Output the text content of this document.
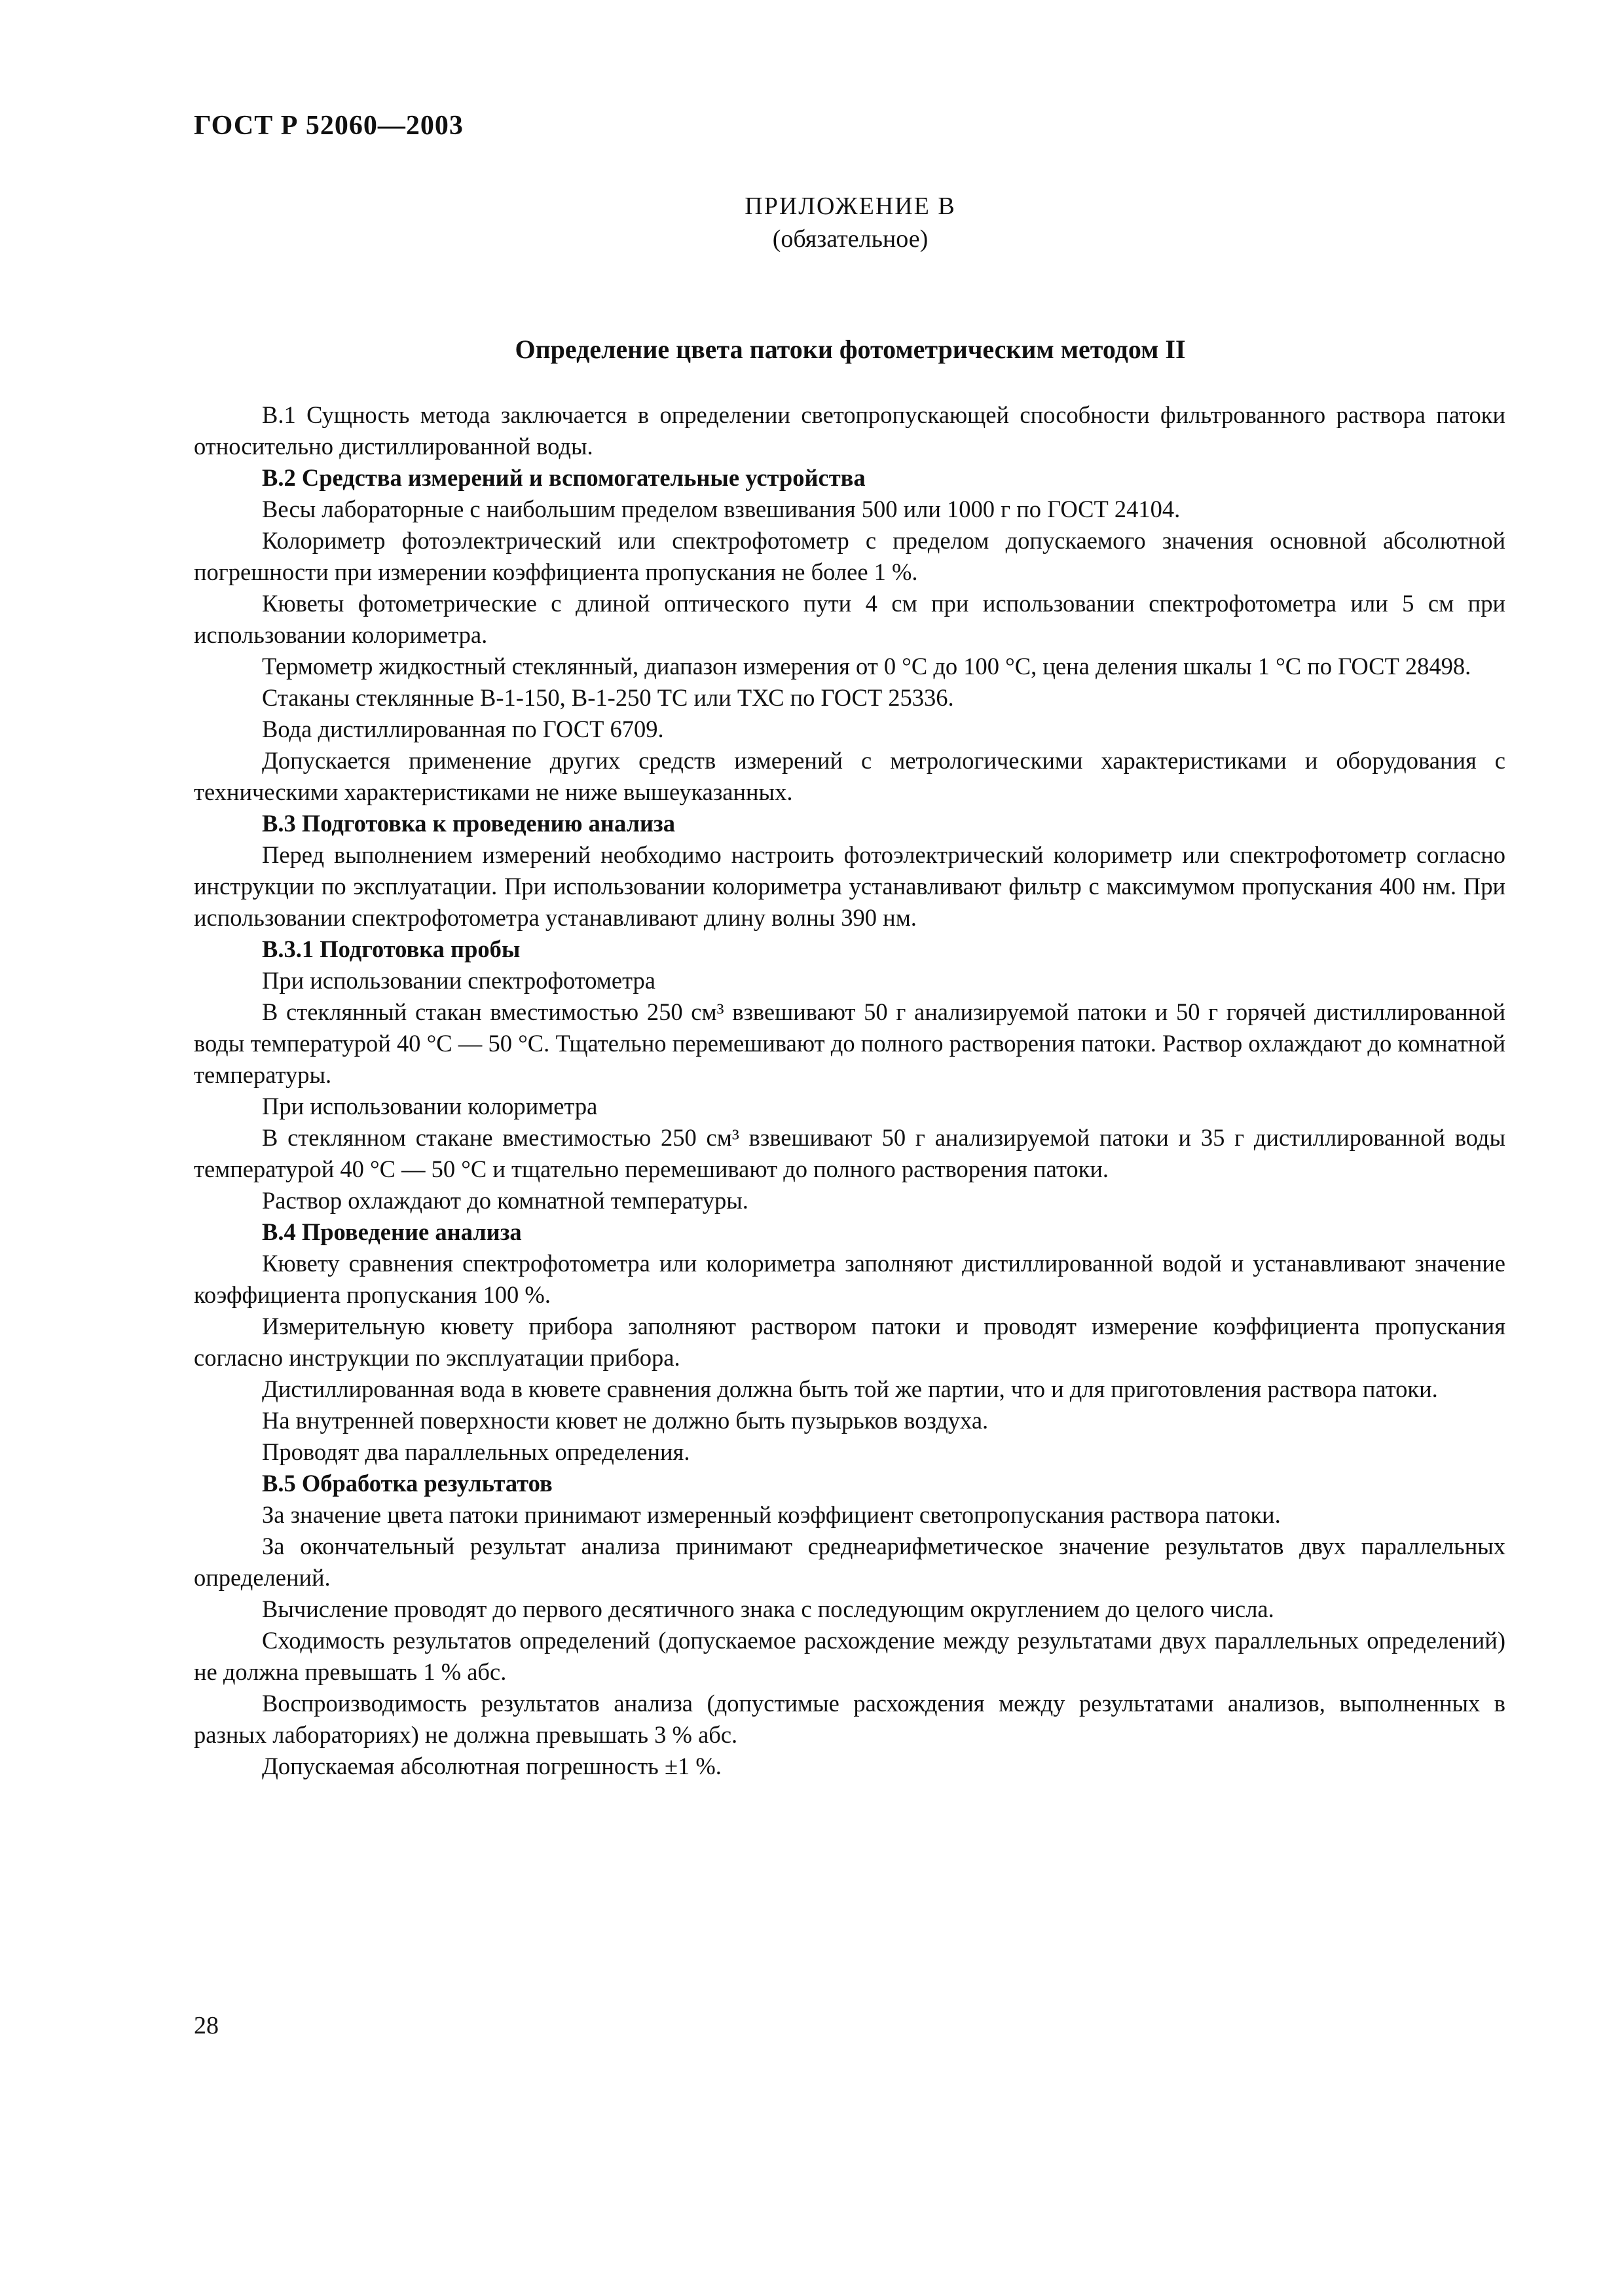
ГОСТ Р 52060—2003
ПРИЛОЖЕНИЕ В
(обязательное)
Определение цвета патоки фотометрическим методом II

В.1 Сущность метода заключается в определении светопропускающей способности фильтрованного раствора патоки относительно дистиллированной воды.

В.2 Средства измерений и вспомогательные устройства

Весы лабораторные с наибольшим пределом взвешивания 500 или 1000 г по ГОСТ 24104.

Колориметр фотоэлектрический или спектрофотометр с пределом допускаемого значения основной абсолютной погрешности при измерении коэффициента пропускания не более 1 %.

Кюветы фотометрические с длиной оптического пути 4 см при использовании спектрофотометра или 5 см при использовании колориметра.

Термометр жидкостный стеклянный, диапазон измерения от 0 °С до 100 °С, цена деления шкалы 1 °С по ГОСТ 28498.

Стаканы стеклянные В-1-150, В-1-250 ТС или ТХС по ГОСТ 25336.

Вода дистиллированная по ГОСТ 6709.

Допускается применение других средств измерений с метрологическими характеристиками и оборудования с техническими характеристиками не ниже вышеуказанных.

В.3 Подготовка к проведению анализа

Перед выполнением измерений необходимо настроить фотоэлектрический колориметр или спектрофотометр согласно инструкции по эксплуатации. При использовании колориметра устанавливают фильтр с максимумом пропускания 400 нм. При использовании спектрофотометра устанавливают длину волны 390 нм.

В.3.1 Подготовка пробы

При использовании спектрофотометра

В стеклянный стакан вместимостью 250 см³ взвешивают 50 г анализируемой патоки и 50 г горячей дистиллированной воды температурой 40 °С — 50 °С. Тщательно перемешивают до полного растворения патоки. Раствор охлаждают до комнатной температуры.

При использовании колориметра

В стеклянном стакане вместимостью 250 см³ взвешивают 50 г анализируемой патоки и 35 г дистиллированной воды температурой 40 °С — 50 °С и тщательно перемешивают до полного растворения патоки.

Раствор охлаждают до комнатной температуры.

В.4 Проведение анализа

Кювету сравнения спектрофотометра или колориметра заполняют дистиллированной водой и устанавливают значение коэффициента пропускания 100 %.

Измерительную кювету прибора заполняют раствором патоки и проводят измерение коэффициента пропускания согласно инструкции по эксплуатации прибора.

Дистиллированная вода в кювете сравнения должна быть той же партии, что и для приготовления раствора патоки.

На внутренней поверхности кювет не должно быть пузырьков воздуха.

Проводят два параллельных определения.

В.5 Обработка результатов

За значение цвета патоки принимают измеренный коэффициент светопропускания раствора патоки.

За окончательный результат анализа принимают среднеарифметическое значение результатов двух параллельных определений.

Вычисление проводят до первого десятичного знака с последующим округлением до целого числа.

Сходимость результатов определений (допускаемое расхождение между результатами двух параллельных определений) не должна превышать 1 % абс.

Воспроизводимость результатов анализа (допустимые расхождения между результатами анализов, выполненных в разных лабораториях) не должна превышать 3 % абс.

Допускаемая абсолютная погрешность ±1 %.

28
